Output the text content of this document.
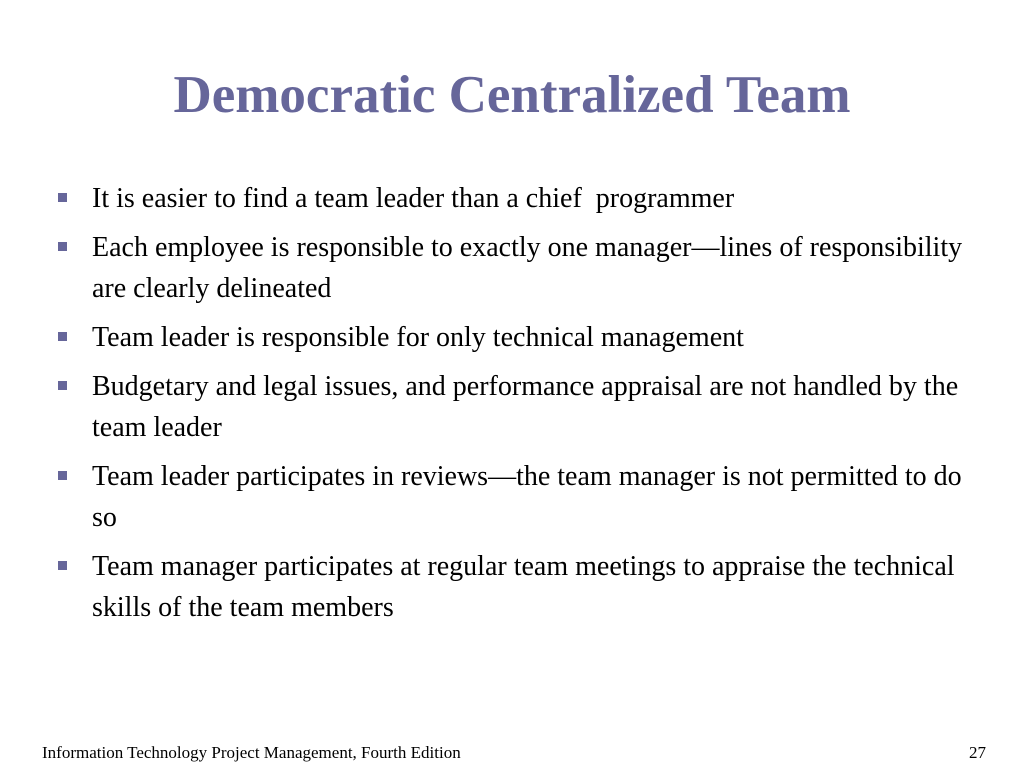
Democratic Centralized Team
It is easier to find a team leader than a chief  programmer
Each employee is responsible to exactly one manager—lines of responsibility are clearly delineated
Team leader is responsible for only technical management
Budgetary and legal issues, and performance appraisal are not handled by the team leader
Team leader participates in reviews—the team manager is not permitted to do so
Team manager participates at regular team meetings to appraise the technical skills of the team members
Information Technology Project Management, Fourth Edition	27
